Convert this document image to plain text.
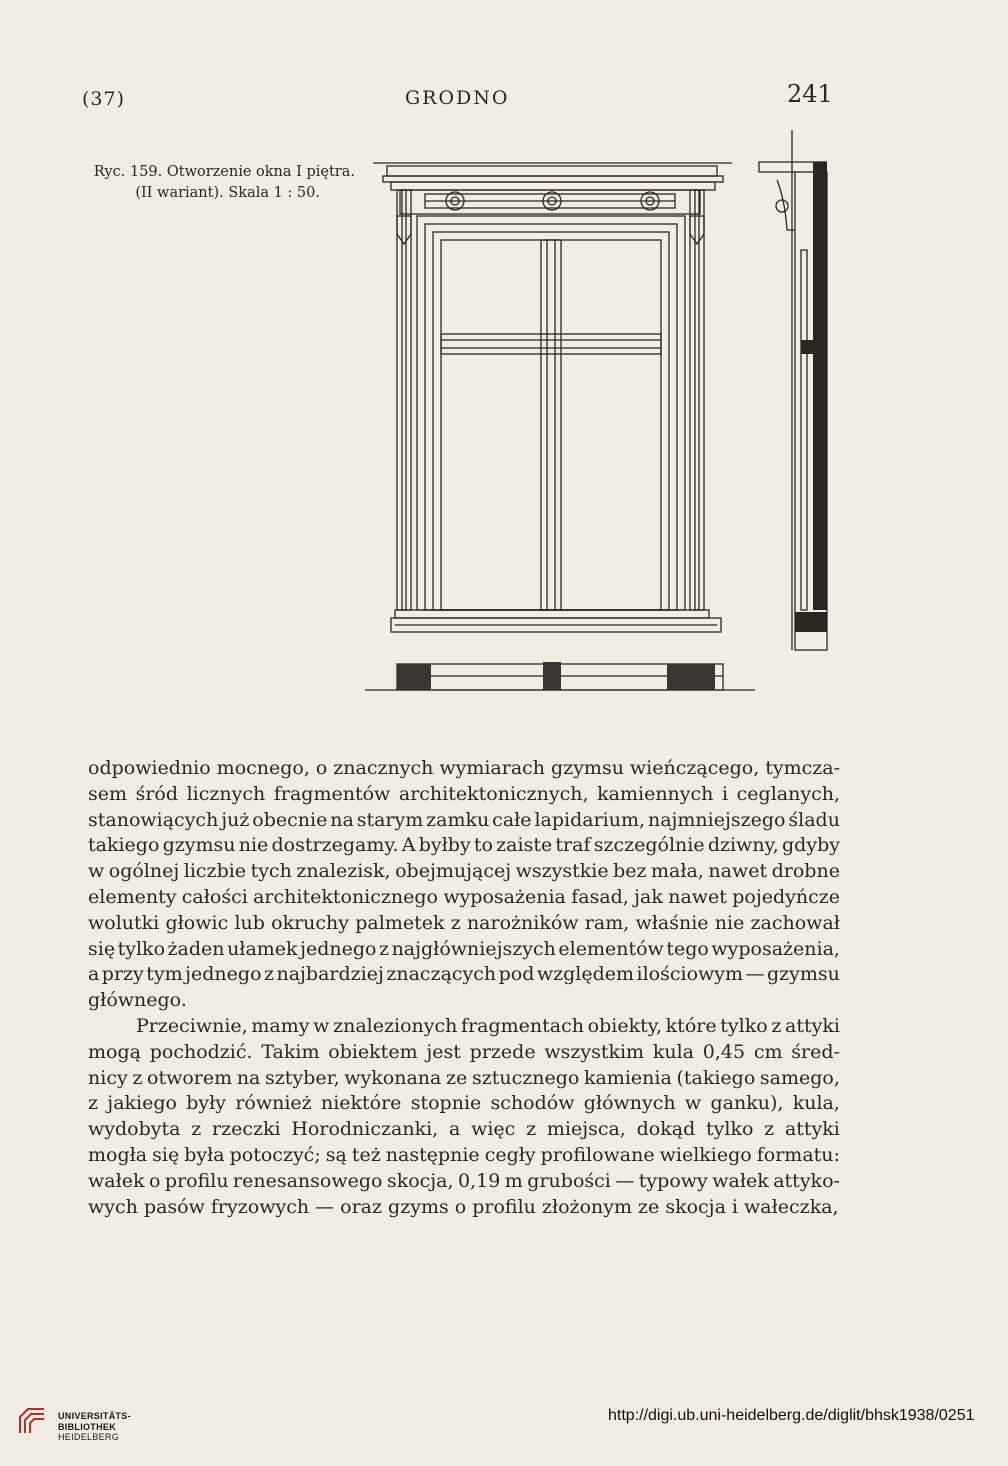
(37)	GRODNO	241
Ryc. 159. Otworzenie okna I piętra.
(II wariant). Skala 1 : 50.
odpowiednio mocnego, o znacznych wymiarach gzymsu wieńczącego, tymcza-
sem śród licznych fragmentów architektonicznych, kamiennych i ceglanych,
stanowiących już obecnie na starym zamku całe lapidarium, najmniejszego śladu
takiego gzymsu nie dostrzegamy. A byłby to zaiste traf szczególnie dziwny, gdyby
w ogólnej liczbie tych znalezisk, obejmującej wszystkie bez mała, nawet drobne
elementy całości architektonicznego wyposażenia fasad, jak nawet pojedyńcze
wolutki głowic lub okruchy palmetek z narożników ram, właśnie nie zachował
się tylko żaden ułamek jednego z najgłówniejszych elementów tego wyposażenia,
a przy tym jednego z najbardziej znaczących pod względem ilościowym — gzymsu
głównego.
Przeciwnie, mamy w znalezionych fragmentach obiekty, które tylko z attyki
mogą pochodzić. Takim obiektem jest przede wszystkim kula 0,45 cm śred-
nicy z otworem na sztyber, wykonana ze sztucznego kamienia (takiego samego,
z jakiego były również niektóre stopnie schodów głównych w ganku), kula,
wydobyta z rzeczki Horodniczanki, a więc z miejsca, dokąd tylko z attyki
mogła się była potoczyć; są też następnie cegły profilowane wielkiego formatu:
wałek o profilu renesansowego skocja, 0,19 m grubości — typowy wałek attyko-
wych pasów fryzowych — oraz gzyms o profilu złożonym ze skocja i wałeczka,
UNIVERSITÄTS-
BIBLIOTHEK
HEIDELBERG
http://digi.ub.uni-heidelberg.de/diglit/bhsk1938/0251
